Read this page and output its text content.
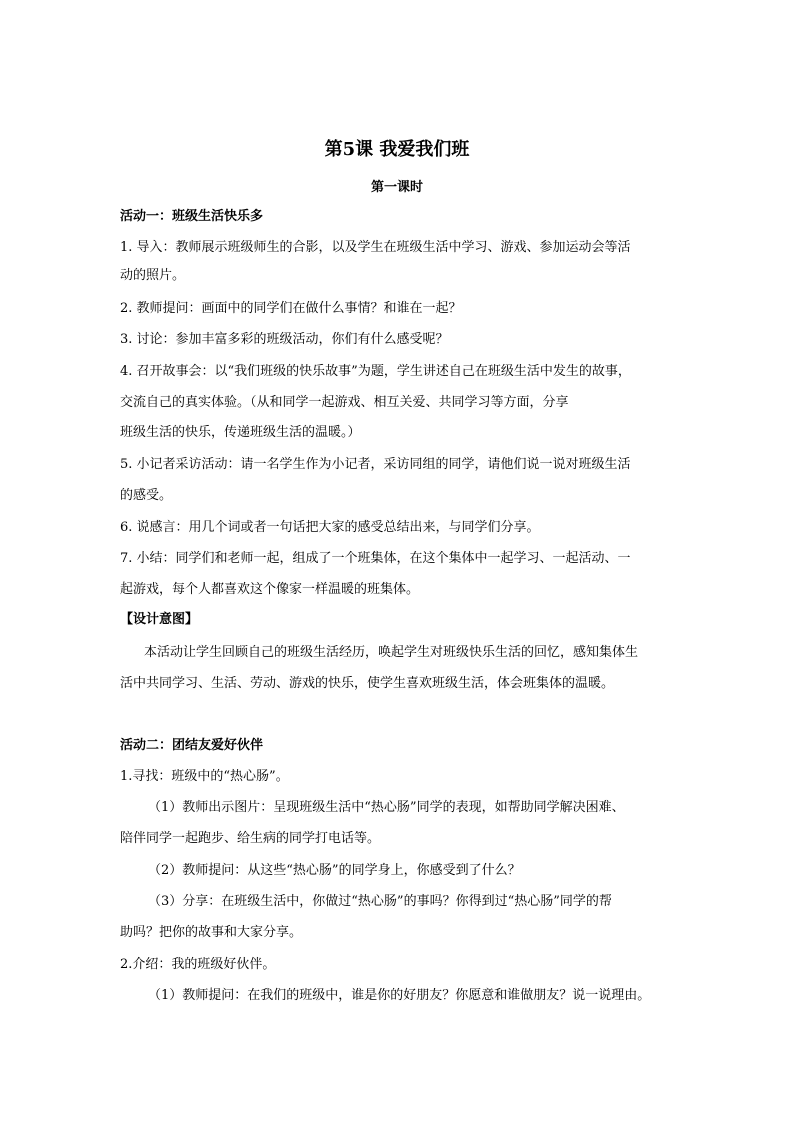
第5课 我爱我们班
第一课时
活动一：班级生活快乐多
1. 导入：教师展示班级师生的合影，以及学生在班级生活中学习、游戏、参加运动会等活
动的照片。
2. 教师提问：画面中的同学们在做什么事情？和谁在一起？
3. 讨论：参加丰富多彩的班级活动，你们有什么感受呢？
4. 召开故事会：以“我们班级的快乐故事”为题，学生讲述自己在班级生活中发生的故事，
交流自己的真实体验。（从和同学一起游戏、相互关爱、共同学习等方面，分享
班级生活的快乐，传递班级生活的温暖。）
5. 小记者采访活动：请一名学生作为小记者，采访同组的同学，请他们说一说对班级生活
的感受。
6. 说感言：用几个词或者一句话把大家的感受总结出来，与同学们分享。
7. 小结：同学们和老师一起，组成了一个班集体，在这个集体中一起学习、一起活动、一
起游戏，每个人都喜欢这个像家一样温暖的班集体。
【设计意图】
本活动让学生回顾自己的班级生活经历，唤起学生对班级快乐生活的回忆，感知集体生
活中共同学习、生活、劳动、游戏的快乐，使学生喜欢班级生活，体会班集体的温暖。
活动二：团结友爱好伙伴
1.寻找：班级中的“热心肠”。
（1）教师出示图片：呈现班级生活中“热心肠”同学的表现，如帮助同学解决困难、
陪伴同学一起跑步、给生病的同学打电话等。
（2）教师提问：从这些“热心肠”的同学身上，你感受到了什么？
（3）分享：在班级生活中，你做过“热心肠”的事吗？你得到过“热心肠”同学的帮
助吗？把你的故事和大家分享。
2.介绍：我的班级好伙伴。
（1）教师提问：在我们的班级中，谁是你的好朋友？你愿意和谁做朋友？说一说理由。
